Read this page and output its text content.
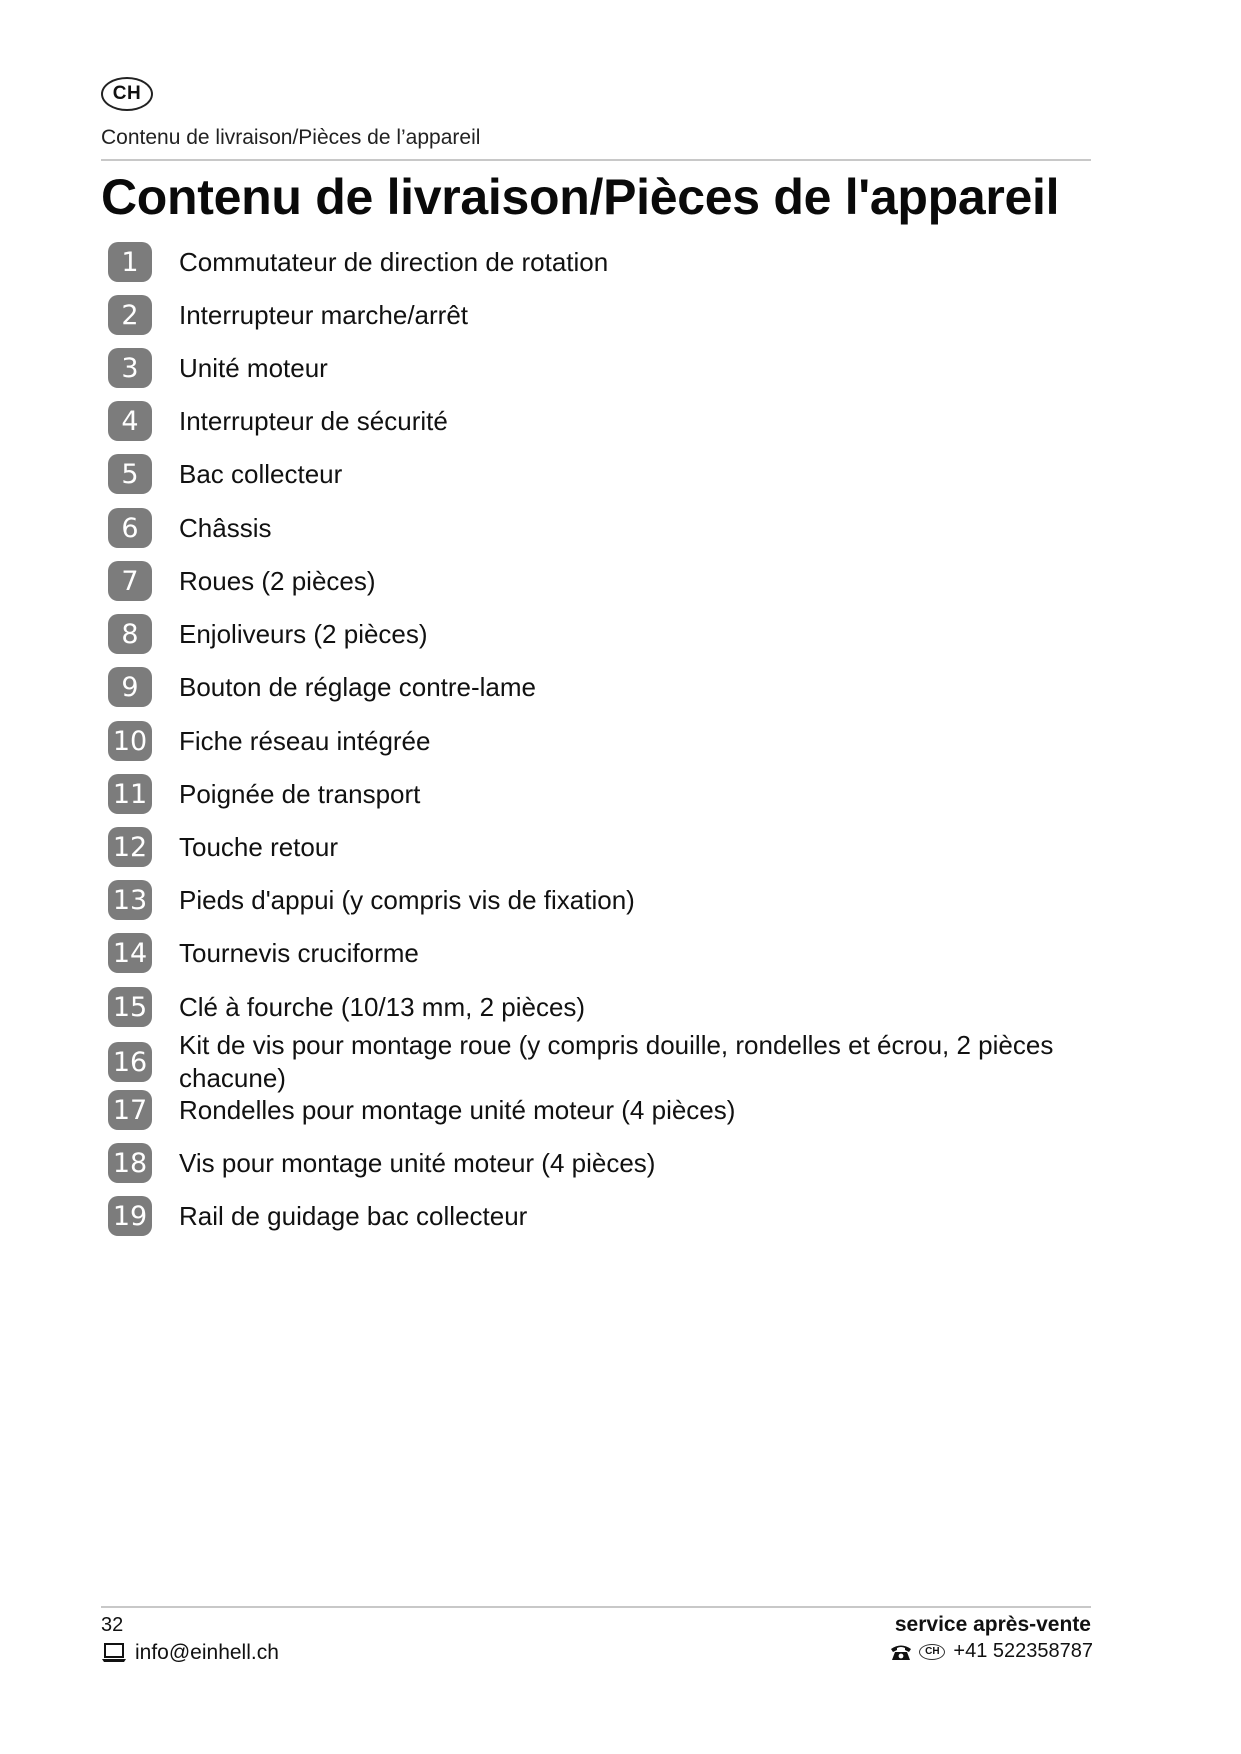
CH
Contenu de livraison/Pièces de l’appareil
Contenu de livraison/Pièces de l'appareil
1	Commutateur de direction de rotation
2	Interrupteur marche/arrêt
3	Unité moteur
4	Interrupteur de sécurité
5	Bac collecteur
6	Châssis
7	Roues (2 pièces)
8	Enjoliveurs (2 pièces)
9	Bouton de réglage contre-lame
10 Fiche réseau intégrée
11 Poignée de transport
12 Touche retour
13 Pieds d'appui (y compris vis de fixation)
14 Tournevis cruciforme
15 Clé à fourche (10/13 mm, 2 pièces)
16
Kit de vis pour montage roue (y compris douille, rondelles et écrou, 2 pièces chacune)
17 Rondelles pour montage unité moteur (4 pièces)
18 Vis pour montage unité moteur (4 pièces)
19 Rail de guidage bac collecteur
32
info@einhell.ch
service après-vente
CH +41 522358787
